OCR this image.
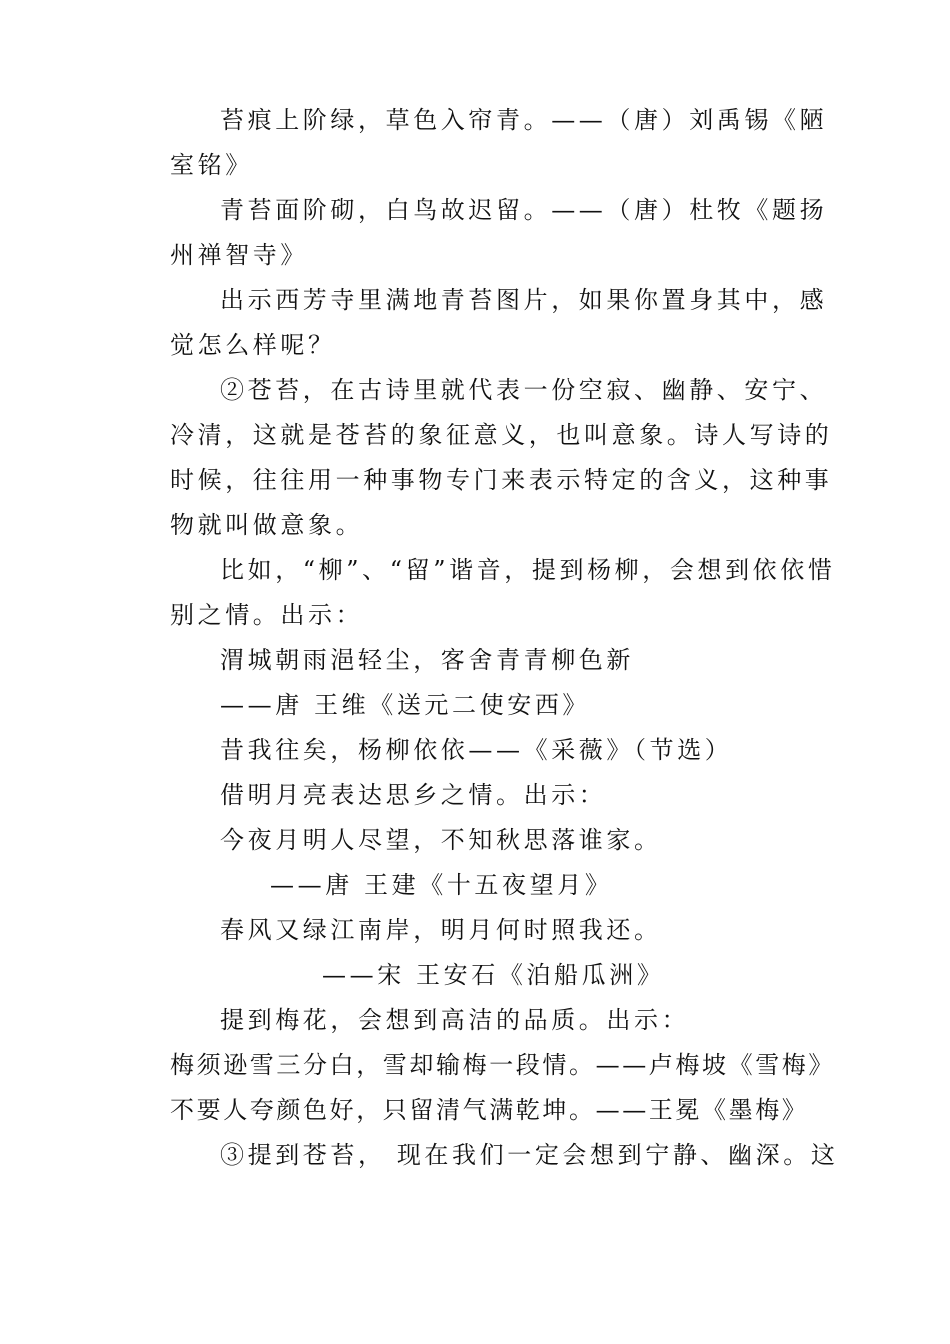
苔痕上阶绿，草色入帘青。——（唐）刘禹锡《陋
室铭》
青苔面阶砌，白鸟故迟留。——（唐）杜牧《题扬
州禅智寺》
出示西芳寺里满地青苔图片，如果你置身其中，感
觉怎么样呢？
②苍苔，在古诗里就代表一份空寂、幽静、安宁、
冷清，这就是苍苔的象征意义，也叫意象。诗人写诗的
时候，往往用一种事物专门来表示特定的含义，这种事
物就叫做意象。
比如，“柳”、“留”谐音，提到杨柳，会想到依依惜
别之情。出示：
渭城朝雨浥轻尘，客舍青青柳色新
——唐 王维《送元二使安西》
昔我往矣，杨柳依依——《采薇》（节选）
借明月亮表达思乡之情。出示：
今夜月明人尽望，不知秋思落谁家。
——唐 王建《十五夜望月》
春风又绿江南岸，明月何时照我还。
——宋 王安石《泊船瓜洲》
提到梅花，会想到高洁的品质。出示：
梅须逊雪三分白，雪却输梅一段情。——卢梅坡《雪梅》
不要人夸颜色好，只留清气满乾坤。——王冕《墨梅》
③提到苍苔， 现在我们一定会想到宁静、幽深。这
